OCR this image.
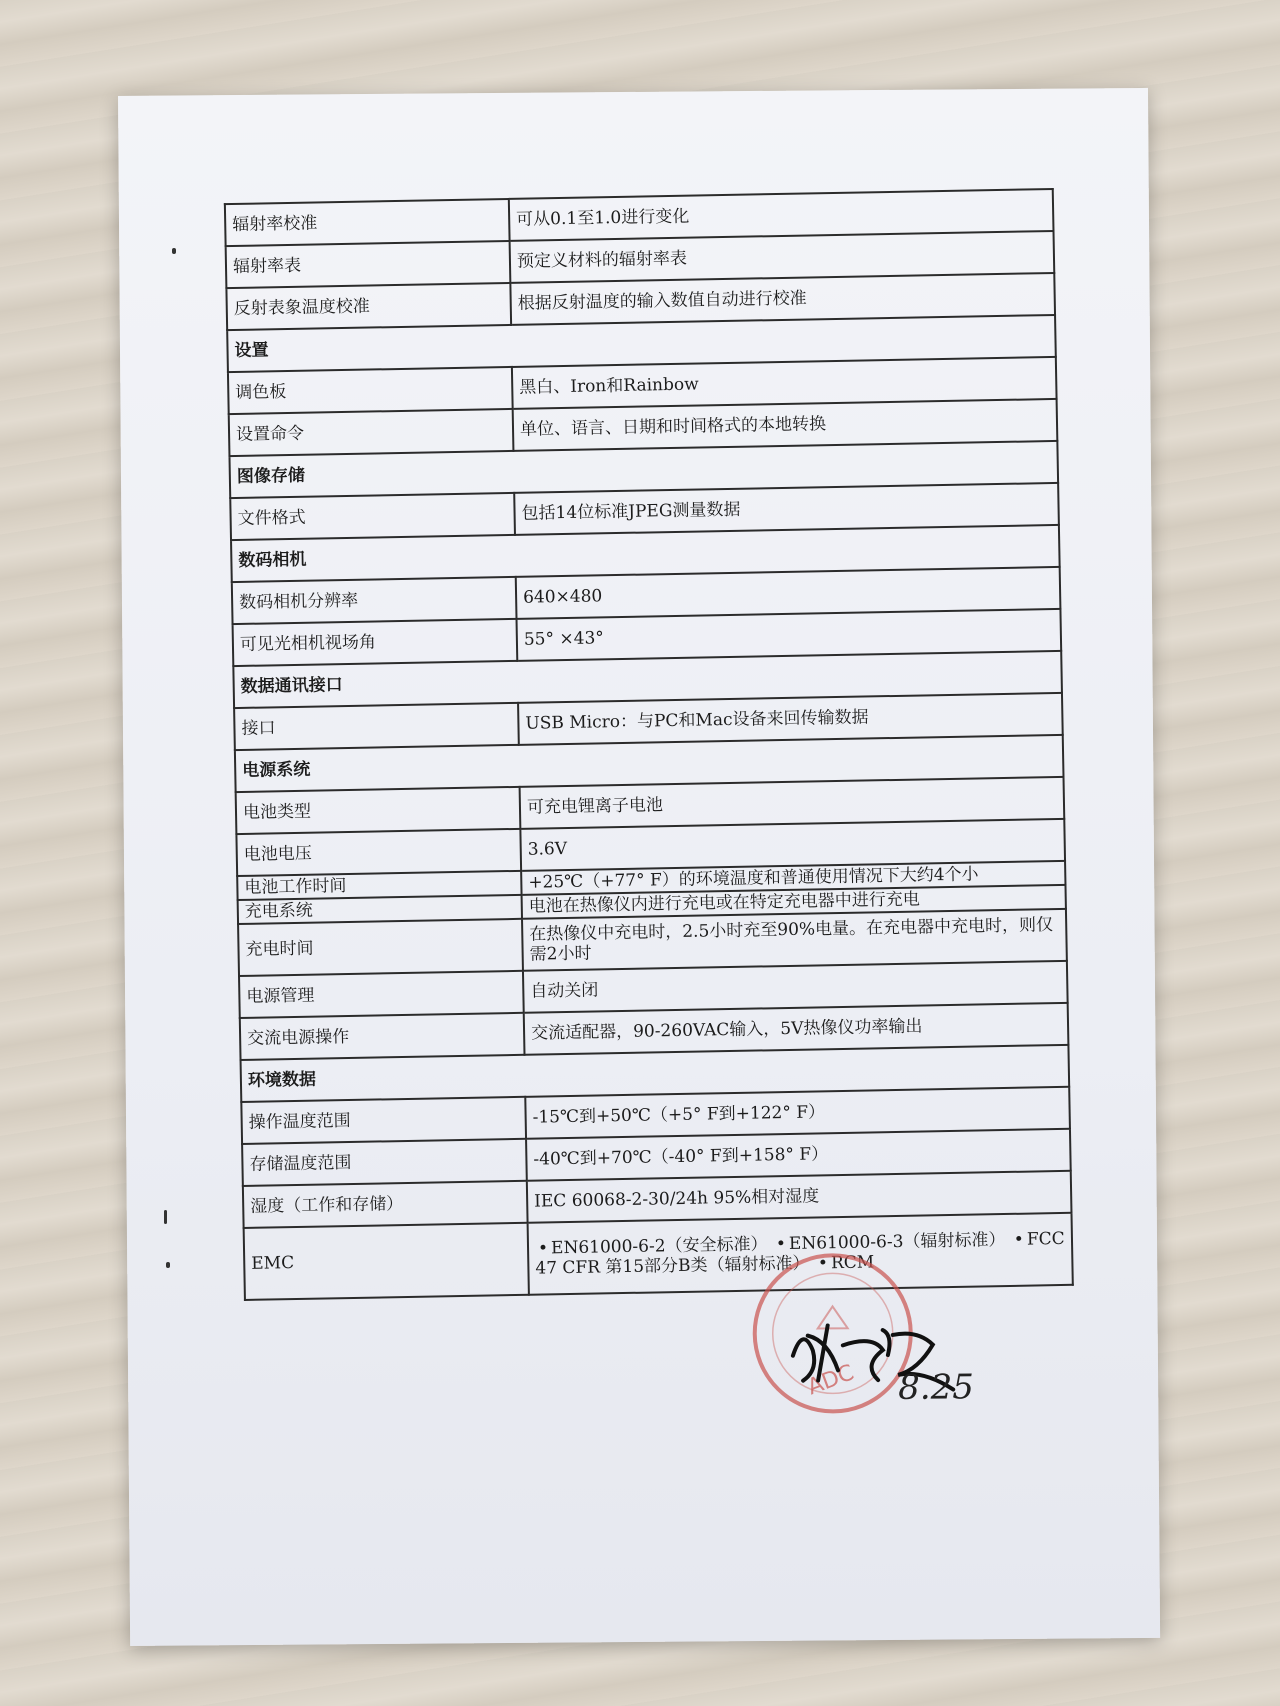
辐射率校准	可从0.1至1.0进行变化
辐射率表	预定义材料的辐射率表
反射表象温度校准	根据反射温度的输入数值自动进行校准
设置	
调色板	黑白、Iron和Rainbow
设置命令	单位、语言、日期和时间格式的本地转换
图像存储	
文件格式	包括14位标准JPEG测量数据
数码相机	
数码相机分辨率	640×480
可见光相机视场角	55° ×43°
数据通讯接口	
接口	USB Micro：与PC和Mac设备来回传输数据
电源系统	
电池类型	可充电锂离子电池
电池电压	3.6V
电池工作时间	+25℃（+77° F）的环境温度和普通使用情况下大约4个小
充电系统	电池在热像仪内进行充电或在特定充电器中进行充电
充电时间	在热像仪中充电时，2.5小时充至90%电量。在充电器中充电时，则仅需2小时
电源管理	自动关闭
交流电源操作	交流适配器，90-260VAC输入，5V热像仪功率输出
环境数据	
操作温度范围	-15℃到+50℃（+5° F到+122° F）
存储温度范围	-40℃到+70℃（-40° F到+158° F）
湿度（工作和存储）	IEC 60068-2-30/24h 95%相对湿度
EMC	• EN61000-6-2（安全标准） • EN61000-6-3（辐射标准） • FCC 47 CFR 第15部分B类（辐射标准） • RCM
ADC 8.25
